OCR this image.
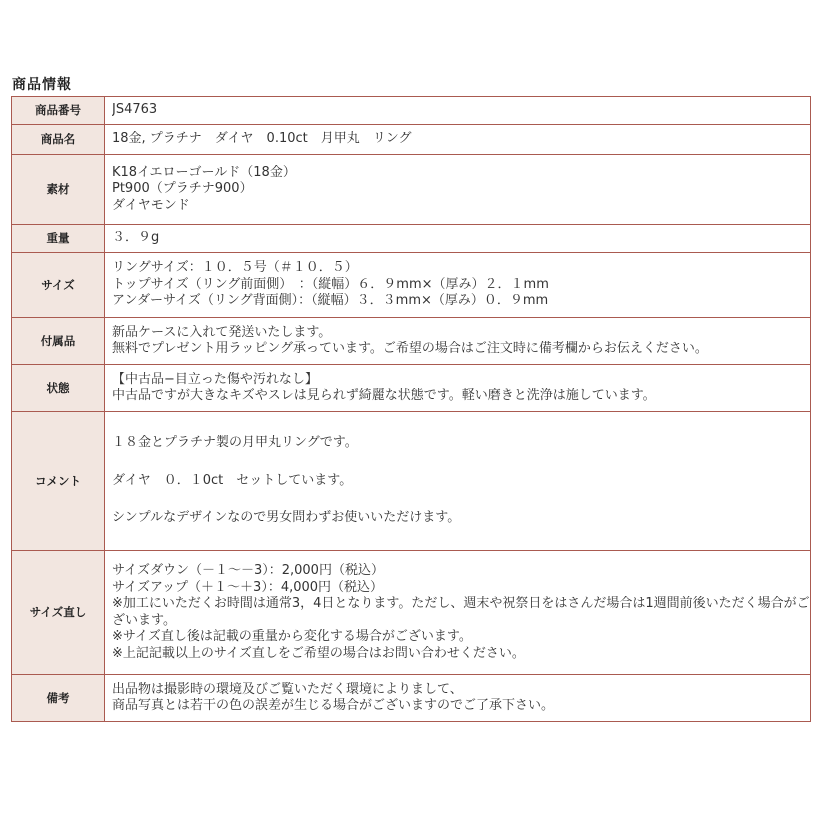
商品情報
商品番号	JS4763

商品名	18金, プラチナ　ダイヤ　0.10ct　月甲丸　リング

素材	K18イエローゴールド（18金）
Pt900（プラチナ900）
ダイヤモンド

重量	３．９g

サイズ	リングサイズ：１０．５号（＃１０．５）
トップサイズ（リング前面側）　：（縦幅）６．９mm×（厚み）２．１mm
アンダーサイズ（リング背面側）：（縦幅）３．３mm×（厚み）０．９mm

付属品	新品ケースに入れて発送いたします。
無料でプレゼント用ラッピング承っています。ご希望の場合はご注文時に備考欄からお伝えください。

状態	【中古品−目立った傷や汚れなし】
中古品ですが大きなキズやスレは見られず綺麗な状態です。軽い磨きと洗浄は施しています。

コメント	１８金とプラチナ製の月甲丸リングです。
ダイヤ　０．１0ct　セットしています。
シンプルなデザインなので男女問わずお使いいただけます。

サイズ直し	サイズダウン（－１～－3）：2,000円（税込）
サイズアップ（＋１～＋3）：4,000円（税込）
※加工にいただくお時間は通常3，4日となります。ただし、週末や祝祭日をはさんだ場合は1週間前後いただく場合がございます。
※サイズ直し後は記載の重量から変化する場合がございます。
※上記記載以上のサイズ直しをご希望の場合はお問い合わせください。

備考	出品物は撮影時の環境及びご覧いただく環境によりまして、
商品写真とは若干の色の誤差が生じる場合がございますのでご了承下さい。
